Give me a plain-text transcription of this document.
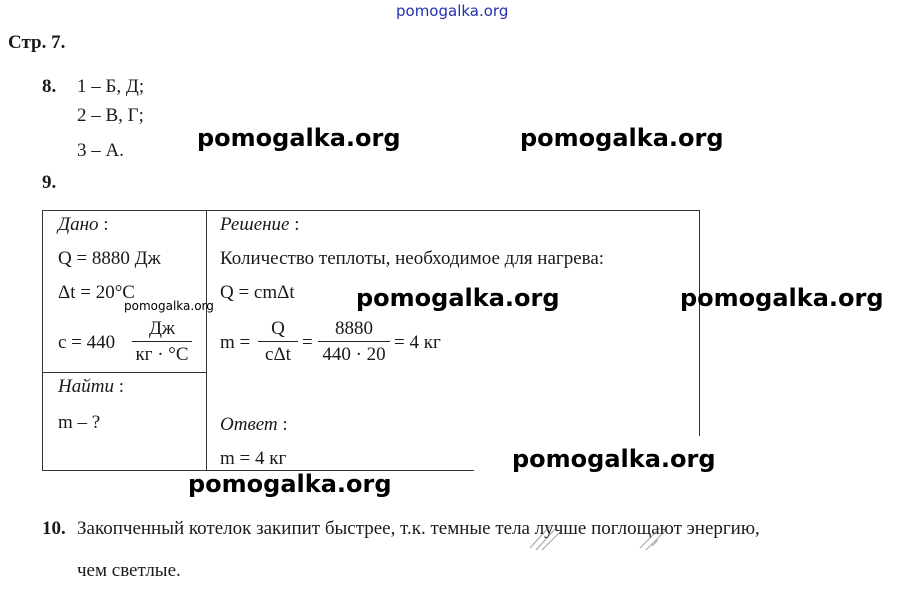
pomogalka.org
Стр. 7.
8. 1 – Б, Д;
2 – В, Г;
3 – А.
9.
Дано :
Q = 8880 Дж
Δt = 20°C
c = 440
Дж
кг · °C
Найти :
m – ?
Решение :
Количество теплоты, необходимое для нагрева:
Q = cmΔt
m =
Q
cΔt
=
8880
440 · 20
= 4 кг
Ответ :
m = 4 кг
10. Закопченный котелок закипит быстрее, т.к. темные тела лучше поглощают энергию,
чем светлые.
pomogalka.org	pomogalka.org
pomogalka.org	pomogalka.org
pomogalka.org
pomogalka.org
pomogalka.org
